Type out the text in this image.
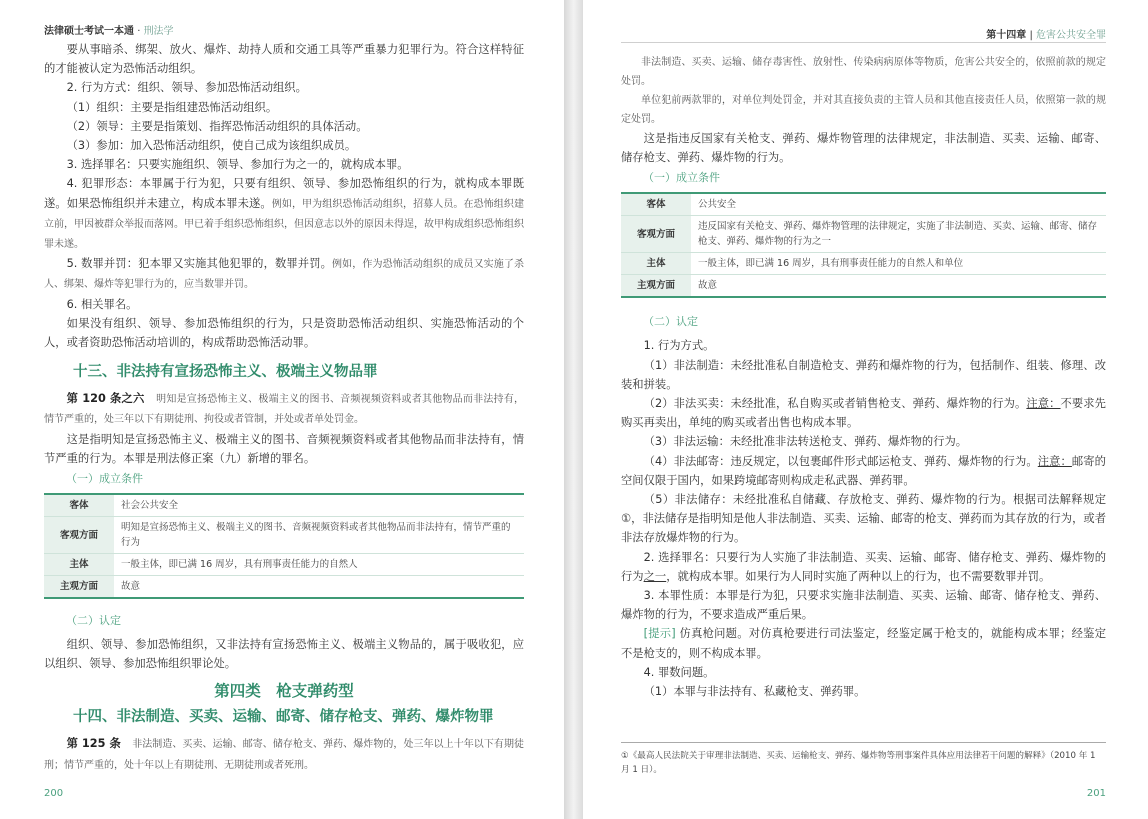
法律硕士考试一本通 · 刑法学

要从事暗杀、绑架、放火、爆炸、劫持人质和交通工具等严重暴力犯罪行为。符合这样特征的才能被认定为恐怖活动组织。

2. 行为方式：组织、领导、参加恐怖活动组织。

（1）组织：主要是指组建恐怖活动组织。

（2）领导：主要是指策划、指挥恐怖活动组织的具体活动。

（3）参加：加入恐怖活动组织，使自己成为该组织成员。

3. 选择罪名：只要实施组织、领导、参加行为之一的，就构成本罪。

4. 犯罪形态：本罪属于行为犯，只要有组织、领导、参加恐怖组织的行为，就构成本罪既遂。如果恐怖组织并未建立，构成本罪未遂。例如，甲为组织恐怖活动组织，招募人员。在恐怖组织建立前，甲因被群众举报而落网。甲已着手组织恐怖组织，但因意志以外的原因未得逞，故甲构成组织恐怖组织罪未遂。

5. 数罪并罚：犯本罪又实施其他犯罪的，数罪并罚。例如，作为恐怖活动组织的成员又实施了杀人、绑架、爆炸等犯罪行为的，应当数罪并罚。

6. 相关罪名。

如果没有组织、领导、参加恐怖组织的行为，只是资助恐怖活动组织、实施恐怖活动的个人，或者资助恐怖活动培训的，构成帮助恐怖活动罪。

十三、非法持有宣扬恐怖主义、极端主义物品罪

第 120 条之六　 明知是宣扬恐怖主义、极端主义的图书、音频视频资料或者其他物品而非法持有，情节严重的，处三年以下有期徒刑、拘役或者管制，并处或者单处罚金。

这是指明知是宣扬恐怖主义、极端主义的图书、音频视频资料或者其他物品而非法持有，情节严重的行为。本罪是刑法修正案（九）新增的罪名。

（一）成立条件
客体	社会公共安全
客观方面	明知是宣扬恐怖主义、极端主义的图书、音频视频资料或者其他物品而非法持有，情节严重的行为
主体	一般主体，即已满 16 周岁，具有刑事责任能力的自然人
主观方面	故意
（二）认定

组织、领导、参加恐怖组织，又非法持有宣扬恐怖主义、极端主义物品的，属于吸收犯，应以组织、领导、参加恐怖组织罪论处。

第四类　枪支弹药型
十四、非法制造、买卖、运输、邮寄、储存枪支、弹药、爆炸物罪

第 125 条　 非法制造、买卖、运输、邮寄、储存枪支、弹药、爆炸物的，处三年以上十年以下有期徒刑；情节严重的，处十年以上有期徒刑、无期徒刑或者死刑。

200
第十四章 | 危害公共安全罪

非法制造、买卖、运输、储存毒害性、放射性、传染病病原体等物质，危害公共安全的，依照前款的规定处罚。

单位犯前两款罪的，对单位判处罚金，并对其直接负责的主管人员和其他直接责任人员，依照第一款的规定处罚。

这是指违反国家有关枪支、弹药、爆炸物管理的法律规定，非法制造、买卖、运输、邮寄、储存枪支、弹药、爆炸物的行为。

（一）成立条件
客体	公共安全
客观方面	违反国家有关枪支、弹药、爆炸物管理的法律规定，实施了非法制造、买卖、运输、邮寄、储存枪支、弹药、爆炸物的行为之一
主体	一般主体，即已满 16 周岁，具有刑事责任能力的自然人和单位
主观方面	故意
（二）认定

1. 行为方式。

（1）非法制造：未经批准私自制造枪支、弹药和爆炸物的行为，包括制作、组装、修理、改装和拼装。

（2）非法买卖：未经批准，私自购买或者销售枪支、弹药、爆炸物的行为。注意：不要求先购买再卖出，单纯的购买或者出售也构成本罪。

（3）非法运输：未经批准非法转送枪支、弹药、爆炸物的行为。

（4）非法邮寄：违反规定，以包裹邮件形式邮运枪支、弹药、爆炸物的行为。注意：邮寄的空间仅限于国内，如果跨境邮寄则构成走私武器、弹药罪。

（5）非法储存：未经批准私自储藏、存放枪支、弹药、爆炸物的行为。根据司法解释规定①，非法储存是指明知是他人非法制造、买卖、运输、邮寄的枪支、弹药而为其存放的行为，或者非法存放爆炸物的行为。

2. 选择罪名：只要行为人实施了非法制造、买卖、运输、邮寄、储存枪支、弹药、爆炸物的行为之一，就构成本罪。如果行为人同时实施了两种以上的行为，也不需要数罪并罚。

3. 本罪性质：本罪是行为犯，只要求实施非法制造、买卖、运输、邮寄、储存枪支、弹药、爆炸物的行为，不要求造成严重后果。

[提示] 仿真枪问题。对仿真枪要进行司法鉴定，经鉴定属于枪支的，就能构成本罪；经鉴定不是枪支的，则不构成本罪。

4. 罪数问题。

（1）本罪与非法持有、私藏枪支、弹药罪。

①《最高人民法院关于审理非法制造、买卖、运输枪支、弹药、爆炸物等刑事案件具体应用法律若干问题的解释》（2010 年 1 月 1 日）。
201
